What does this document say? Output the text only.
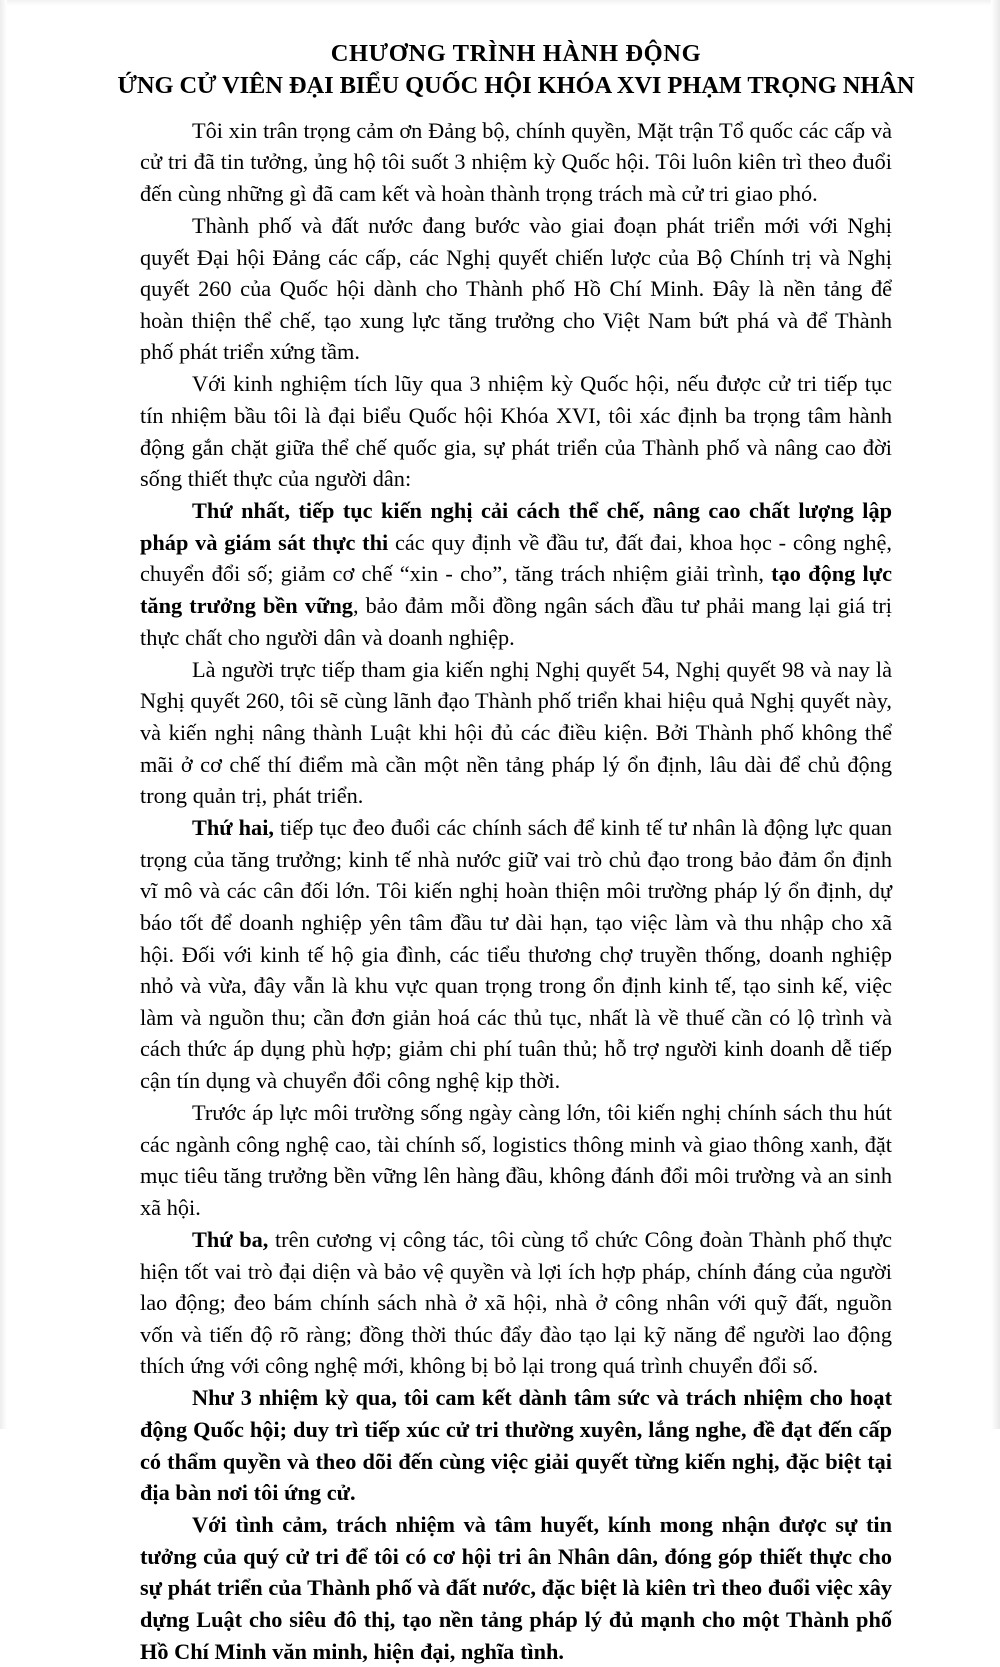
CHƯƠNG TRÌNH HÀNH ĐỘNG
ỨNG CỬ VIÊN ĐẠI BIỂU QUỐC HỘI KHÓA XVI PHẠM TRỌNG NHÂN

Tôi xin trân trọng cảm ơn Đảng bộ, chính quyền, Mặt trận Tổ quốc các cấp và cử tri đã tin tưởng, ủng hộ tôi suốt 3 nhiệm kỳ Quốc hội. Tôi luôn kiên trì theo đuổi đến cùng những gì đã cam kết và hoàn thành trọng trách mà cử tri giao phó.

Thành phố và đất nước đang bước vào giai đoạn phát triển mới với Nghị quyết Đại hội Đảng các cấp, các Nghị quyết chiến lược của Bộ Chính trị và Nghị quyết 260 của Quốc hội dành cho Thành phố Hồ Chí Minh. Đây là nền tảng để hoàn thiện thể chế, tạo xung lực tăng trưởng cho Việt Nam bứt phá và để Thành phố phát triển xứng tầm.

Với kinh nghiệm tích lũy qua 3 nhiệm kỳ Quốc hội, nếu được cử tri tiếp tục tín nhiệm bầu tôi là đại biểu Quốc hội Khóa XVI, tôi xác định ba trọng tâm hành động gắn chặt giữa thể chế quốc gia, sự phát triển của Thành phố và nâng cao đời sống thiết thực của người dân:

Thứ nhất, tiếp tục kiến nghị cải cách thể chế, nâng cao chất lượng lập pháp và giám sát thực thi các quy định về đầu tư, đất đai, khoa học - công nghệ, chuyển đổi số; giảm cơ chế “xin - cho”, tăng trách nhiệm giải trình, tạo động lực tăng trưởng bền vững, bảo đảm mỗi đồng ngân sách đầu tư phải mang lại giá trị thực chất cho người dân và doanh nghiệp.

Là người trực tiếp tham gia kiến nghị Nghị quyết 54, Nghị quyết 98 và nay là Nghị quyết 260, tôi sẽ cùng lãnh đạo Thành phố triển khai hiệu quả Nghị quyết này, và kiến nghị nâng thành Luật khi hội đủ các điều kiện. Bởi Thành phố không thể mãi ở cơ chế thí điểm mà cần một nền tảng pháp lý ổn định, lâu dài để chủ động trong quản trị, phát triển.

Thứ hai, tiếp tục đeo đuổi các chính sách để kinh tế tư nhân là động lực quan trọng của tăng trưởng; kinh tế nhà nước giữ vai trò chủ đạo trong bảo đảm ổn định vĩ mô và các cân đối lớn. Tôi kiến nghị hoàn thiện môi trường pháp lý ổn định, dự báo tốt để doanh nghiệp yên tâm đầu tư dài hạn, tạo việc làm và thu nhập cho xã hội. Đối với kinh tế hộ gia đình, các tiểu thương chợ truyền thống, doanh nghiệp nhỏ và vừa, đây vẫn là khu vực quan trọng trong ổn định kinh tế, tạo sinh kế, việc làm và nguồn thu; cần đơn giản hoá các thủ tục, nhất là về thuế cần có lộ trình và cách thức áp dụng phù hợp; giảm chi phí tuân thủ; hỗ trợ người kinh doanh dễ tiếp cận tín dụng và chuyển đổi công nghệ kịp thời.

Trước áp lực môi trường sống ngày càng lớn, tôi kiến nghị chính sách thu hút các ngành công nghệ cao, tài chính số, logistics thông minh và giao thông xanh, đặt mục tiêu tăng trưởng bền vững lên hàng đầu, không đánh đổi môi trường và an sinh xã hội.

Thứ ba, trên cương vị công tác, tôi cùng tổ chức Công đoàn Thành phố thực hiện tốt vai trò đại diện và bảo vệ quyền và lợi ích hợp pháp, chính đáng của người lao động; đeo bám chính sách nhà ở xã hội, nhà ở công nhân với quỹ đất, nguồn vốn và tiến độ rõ ràng; đồng thời thúc đẩy đào tạo lại kỹ năng để người lao động thích ứng với công nghệ mới, không bị bỏ lại trong quá trình chuyển đổi số.

Như 3 nhiệm kỳ qua, tôi cam kết dành tâm sức và trách nhiệm cho hoạt động Quốc hội; duy trì tiếp xúc cử tri thường xuyên, lắng nghe, đề đạt đến cấp có thẩm quyền và theo dõi đến cùng việc giải quyết từng kiến nghị, đặc biệt tại địa bàn nơi tôi ứng cử.

Với tình cảm, trách nhiệm và tâm huyết, kính mong nhận được sự tin tưởng của quý cử tri để tôi có cơ hội tri ân Nhân dân, đóng góp thiết thực cho sự phát triển của Thành phố và đất nước, đặc biệt là kiên trì theo đuổi việc xây dựng Luật cho siêu đô thị, tạo nền tảng pháp lý đủ mạnh cho một Thành phố Hồ Chí Minh văn minh, hiện đại, nghĩa tình.
